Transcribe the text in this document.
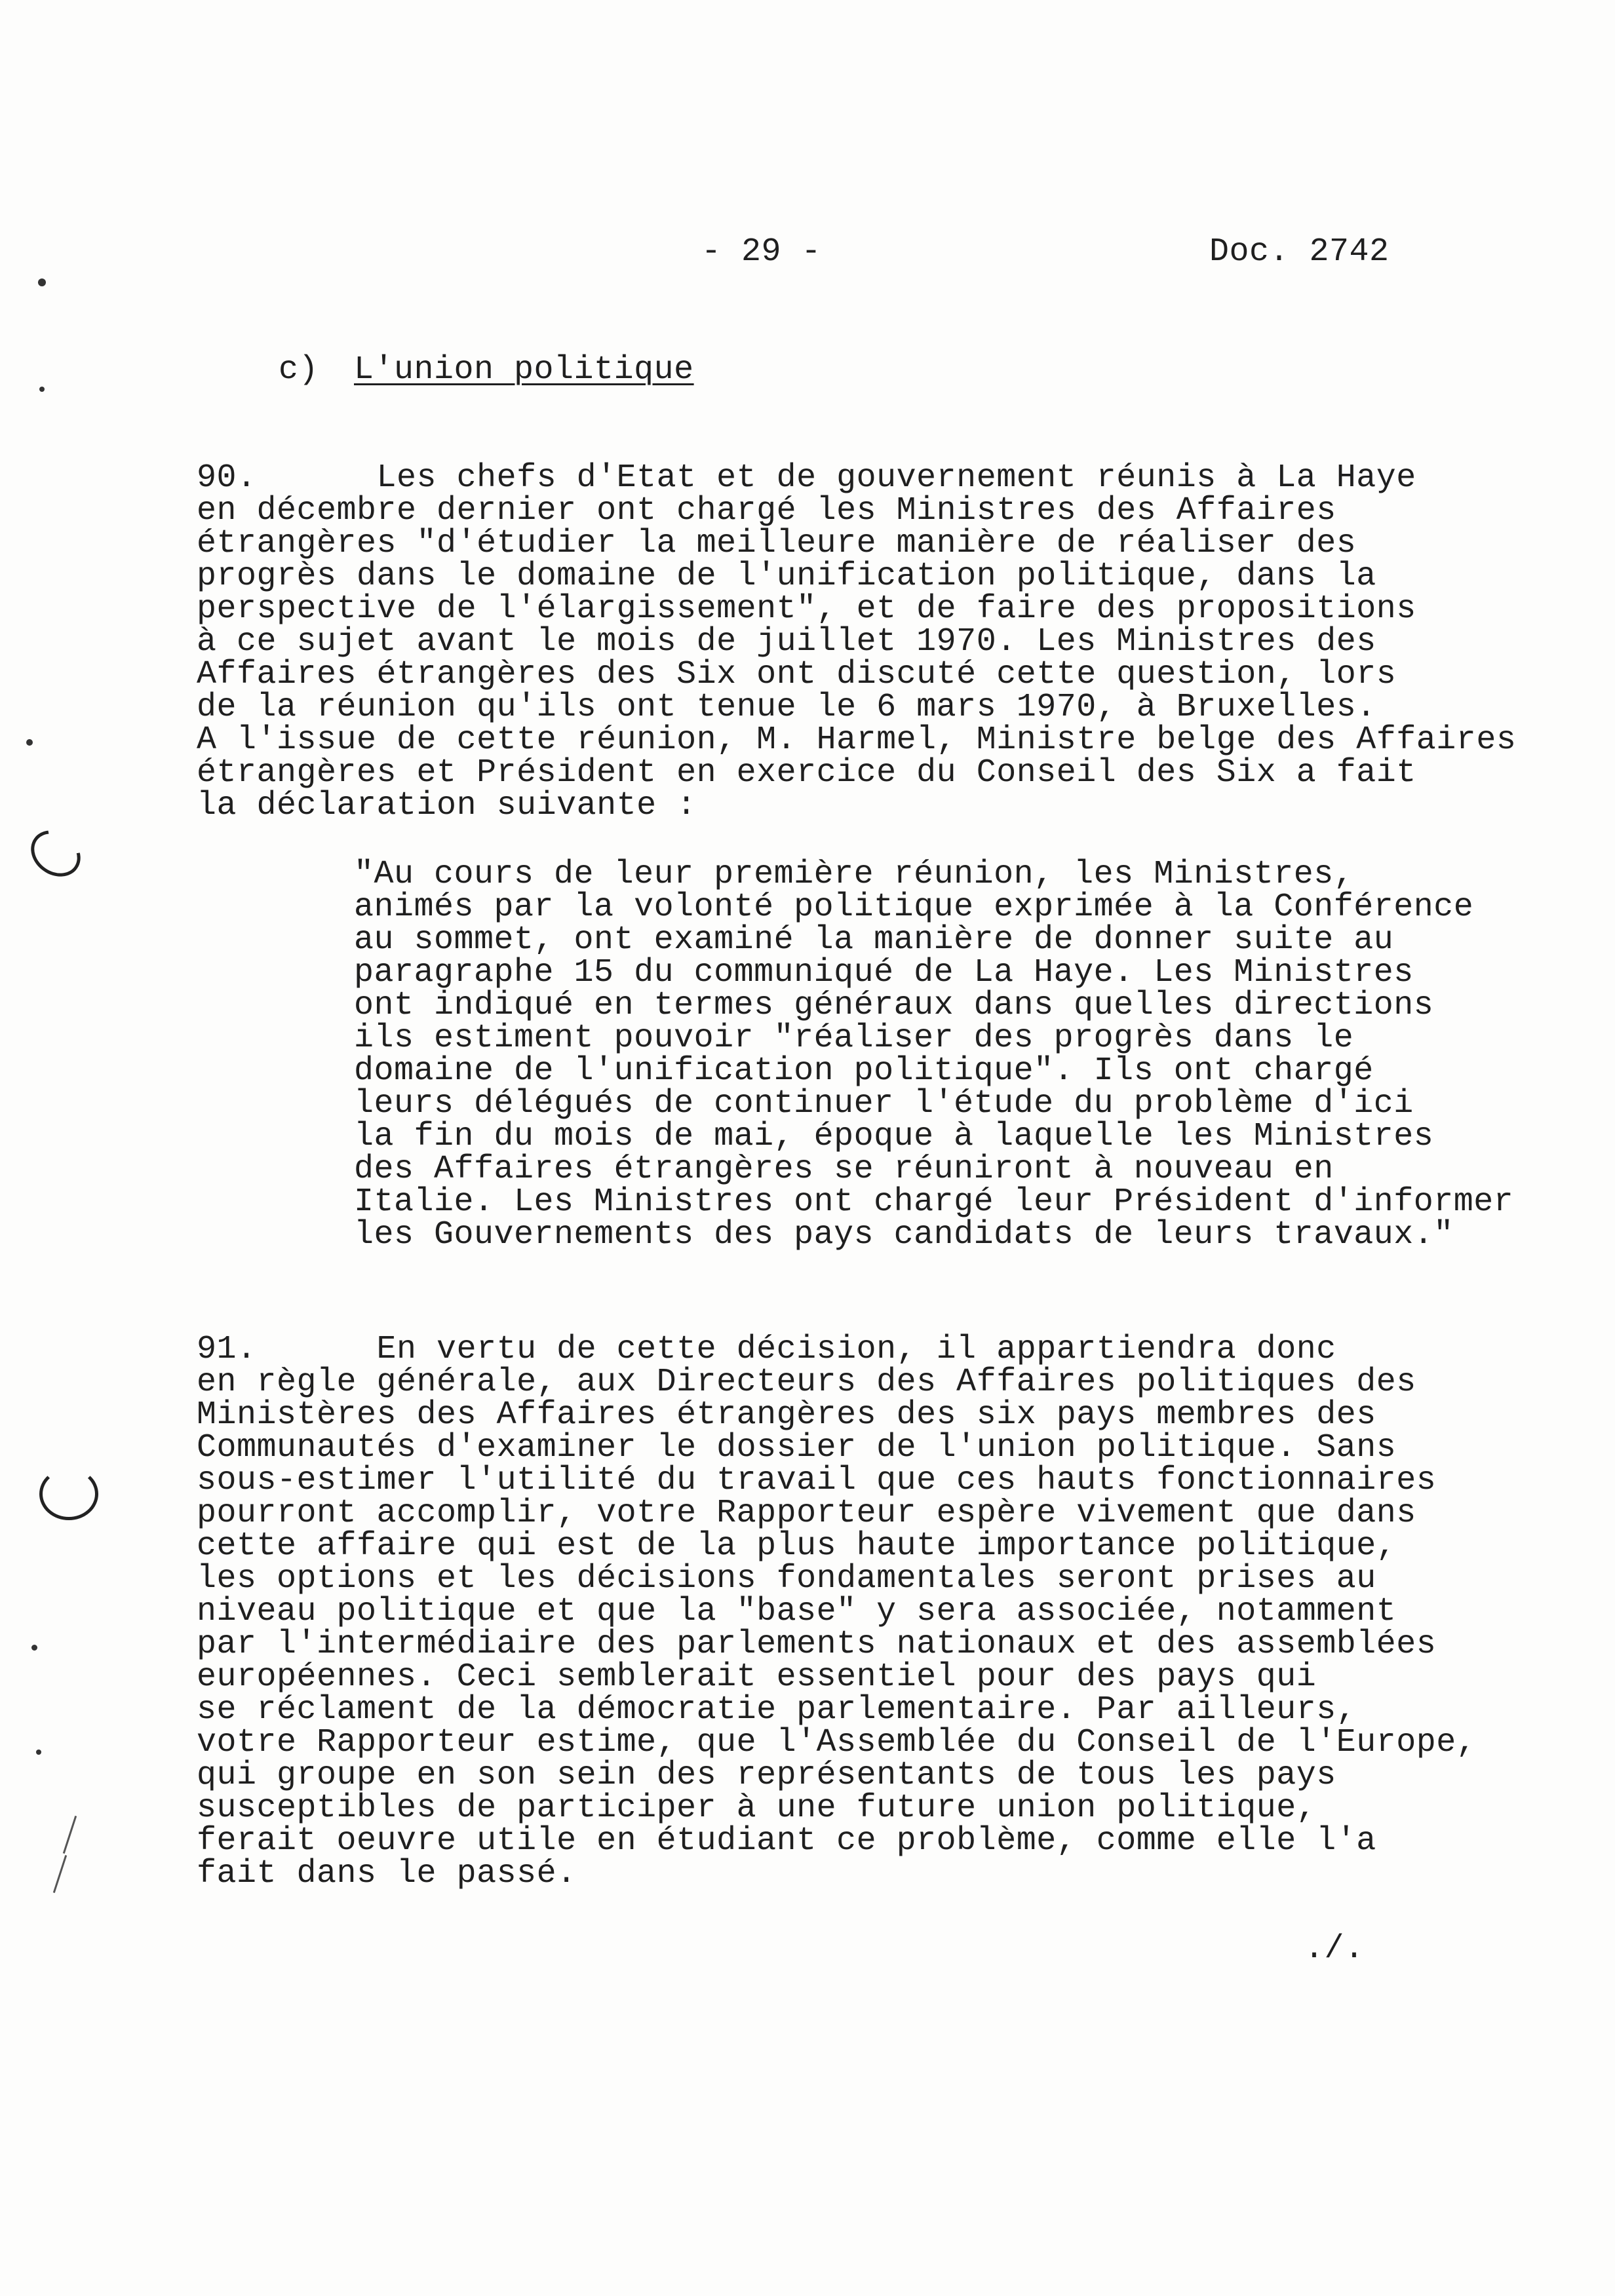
- 29 -	Doc. 2742
c) L'union politique
90.      Les chefs d'Etat et de gouvernement réunis à La Haye
en décembre dernier ont chargé les Ministres des Affaires
étrangères "d'étudier la meilleure manière de réaliser des
progrès dans le domaine de l'unification politique, dans la
perspective de l'élargissement", et de faire des propositions
à ce sujet avant le mois de juillet 1970. Les Ministres des
Affaires étrangères des Six ont discuté cette question, lors
de la réunion qu'ils ont tenue le 6 mars 1970, à Bruxelles.
A l'issue de cette réunion, M. Harmel, Ministre belge des Affaires
étrangères et Président en exercice du Conseil des Six a fait
la déclaration suivante :
"Au cours de leur première réunion, les Ministres,
animés par la volonté politique exprimée à la Conférence
au sommet, ont examiné la manière de donner suite au
paragraphe 15 du communiqué de La Haye. Les Ministres
ont indiqué en termes généraux dans quelles directions
ils estiment pouvoir "réaliser des progrès dans le
domaine de l'unification politique". Ils ont chargé
leurs délégués de continuer l'étude du problème d'ici
la fin du mois de mai, époque à laquelle les Ministres
des Affaires étrangères se réuniront à nouveau en
Italie. Les Ministres ont chargé leur Président d'informer
les Gouvernements des pays candidats de leurs travaux."
91.      En vertu de cette décision, il appartiendra donc
en règle générale, aux Directeurs des Affaires politiques des
Ministères des Affaires étrangères des six pays membres des
Communautés d'examiner le dossier de l'union politique. Sans
sous-estimer l'utilité du travail que ces hauts fonctionnaires
pourront accomplir, votre Rapporteur espère vivement que dans
cette affaire qui est de la plus haute importance politique,
les options et les décisions fondamentales seront prises au
niveau politique et que la "base" y sera associée, notamment
par l'intermédiaire des parlements nationaux et des assemblées
européennes. Ceci semblerait essentiel pour des pays qui
se réclament de la démocratie parlementaire. Par ailleurs,
votre Rapporteur estime, que l'Assemblée du Conseil de l'Europe,
qui groupe en son sein des représentants de tous les pays
susceptibles de participer à une future union politique,
ferait oeuvre utile en étudiant ce problème, comme elle l'a
fait dans le passé.
./.
